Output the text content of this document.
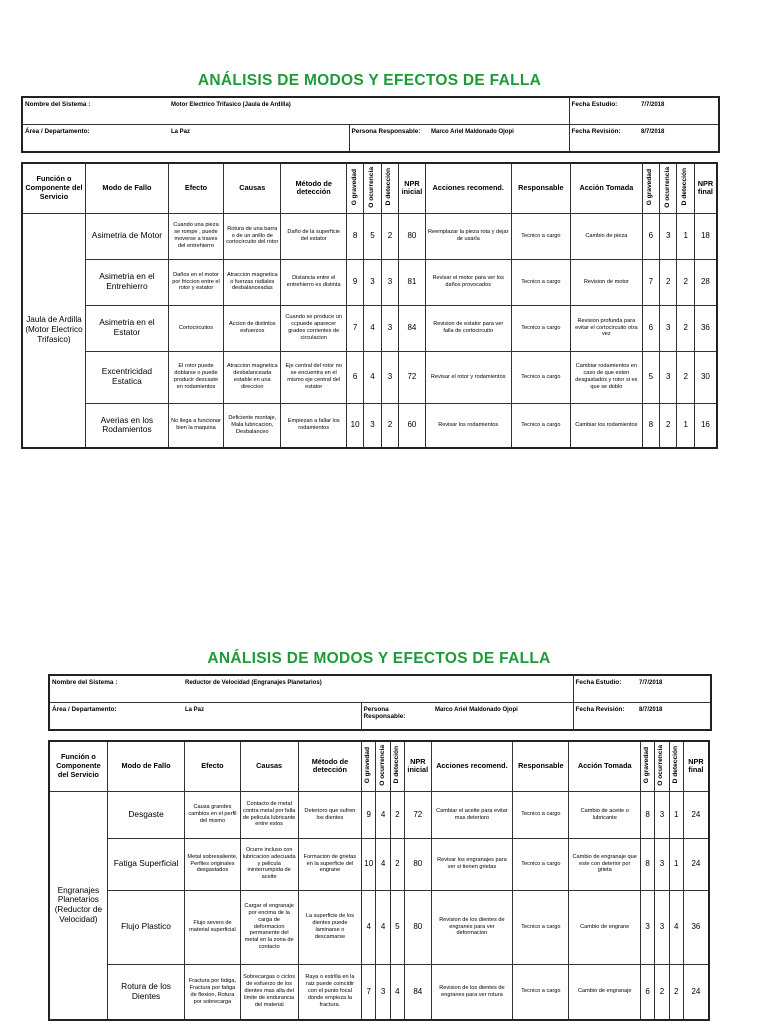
ANÁLISIS DE MODOS Y EFECTOS DE FALLA
Nombre del Sistema :	Motor Electrico Trifasico (Jaula de Ardilla)			Fecha Estudio:	7/7/2018
Área / Departamento:	La Paz	Persona Responsable:	Marco Ariel Maldonado Ojopi	Fecha Revisión:	8/7/2018
Función o Componente del Servicio	Modo de Fallo	Efecto	Causas	Método de detección	G gravedad	O ocurrencia	D detección	NPR inicial	Acciones recomend.	Responsable	Acción Tomada	G gravedad	O ocurrencia	D detección	NPR final
Jaula de Ardilla (Motor Electrico Trifasico)	Asimetria de Motor	Cuando una pieza se rompe , puede moverse a traves del entrehierro	Rotura de una barra o de un anillo de cortocircuito del rotor	Daño de la superficie del estator	8	5	2	80	Reemplazar la pieza rota y dejar de usarla	Tecnico a cargo	Cambio de pieza	6	3	1	18
	Asimetria en el Entrehierro	Daños en el motor por friccion entre el rotor y estator	Atraccion magnetica o fuerzas radiales desbalanceadas	Distancia entre el entrehierro es distinta	9	3	3	81	Revisar el motor para ver los daños provocados	Tecnico a cargo	Revision de motor	7	2	2	28
	Asimetria en el Estator	Cortocircuitos	Accion de distintos esfuerzos	Cuando se produce un ccpuede aparecer grades corrientes de circulacion	7	4	3	84	Revision de estator para ver falla de cortocircuito	Tecnico a cargo	Revision profunda para evitar el cortocircuito otra vez	6	3	2	36
	Excentricidad Estatica	El rotor puede doblarse o puede producir descaste en rodamientos	Atraccion magnetica desbalanceada estable en una direccion	Eje central del rotor no se encuentra en el mismo eje central del estator	6	4	3	72	Revisar el rotor y rodamientos	Tecnico a cargo	Cambiar rodamientos en caso de que esten desgastados y rotor si es que se doblo	5	3	2	30
	Averias en los Rodamientos	No llega a funcionar bien la maquina	Deficiente montaje, Mala lubricacion, Desbalanceo	Empiezan a fallar los rodamientos	10	3	2	60	Revisar los rodamientos	Tecnico a cargo	Cambiar los rodamientos	8	2	1	16
ANÁLISIS DE MODOS Y EFECTOS DE FALLA
Nombre del Sistema :	Reductor de Velocidad (Engranajes Planetarios)			Fecha Estudio:	7/7/2018
Área / Departamento:	La Paz	Persona Responsable:	Marco Ariel Maldonado Ojopi	Fecha Revisión:	8/7/2018
Función o Componente del Servicio	Modo de Fallo	Efecto	Causas	Método de detección	G gravedad	O ocurrencia	D detección	NPR inicial	Acciones recomend.	Responsable	Acción Tomada	G gravedad	O ocurrencia	D detección	NPR final
Engranajes Planetarios (Reductor de Velocidad)	Desgaste	Causa grandes cambios en el perfil del mismo	Contacto de metal contra metal por falla de pelicula lubricante entre estos	Deterioro que sufren los dientes	9	4	2	72	Cambiar el aceite para evitar mas deterioro	Tecnico a cargo	Cambio de aceite o lubricante	8	3	1	24
	Fatiga Superficial	Metal sobresaliente, Perfiles originales desgastados	Ocurre incluso con lubricacion adecuada y pelicula ininterrumpida de aceite	Formacion de grietas en la superficie del engrane	10	4	2	80	Revisar los engranajes para ver si tienen grietas	Tecnico a cargo	Cambio de engranaje que este con deterior por grieta	8	3	1	24
	Flujo Plastico	Flujo severo de material superficial	Cargar el engranaje por encima de la carga de deformacion permanente del metal en la zona de contacto	La superficie de los dientes puede laminarse o descamarse	4	4	5	80	Revision de los dientes de engranes para ver deformacion	Tecnico a cargo	Cambio de engrane	3	3	4	36
	Rotura de los Dientes	Fractura por fatiga, Fractura por fatiga de flexion, Rotura por sobrecarga	Sobrecargas o ciclos de esfuerzo de los dientes mas alla del limite de endurancia del material	Raya o estrilla en la raiz puede coincidir con el punto focal donde empieza la fractura.	7	3	4	84	Revision de los dientes de engranes para ver rotura	Tecnico a cargo	Cambio de engranaje	6	2	2	24
